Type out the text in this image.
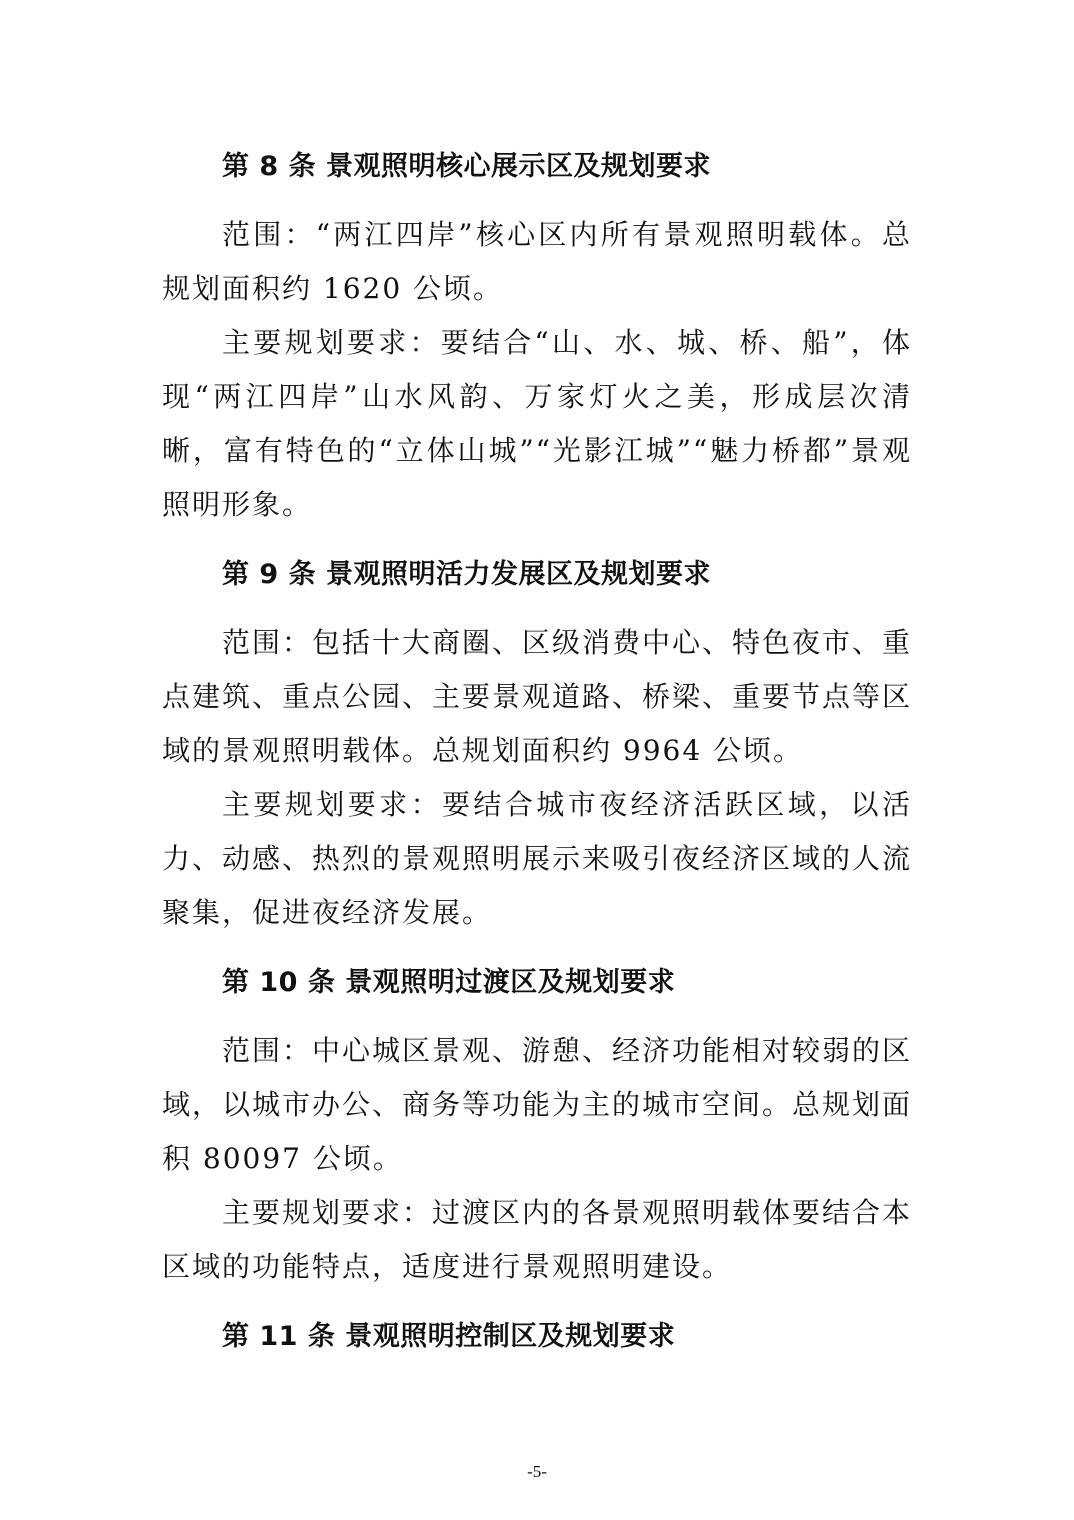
第 8 条 景观照明核心展示区及规划要求

范围：“两江四岸”核心区内所有景观照明载体。总规划面积约 1620 公顷。

主要规划要求：要结合“山、水、城、桥、船”，体现“两江四岸”山水风韵、万家灯火之美，形成层次清晰，富有特色的“立体山城”“光影江城”“魅力桥都”景观照明形象。

第 9 条 景观照明活力发展区及规划要求

范围：包括十大商圈、区级消费中心、特色夜市、重点建筑、重点公园、主要景观道路、桥梁、重要节点等区域的景观照明载体。总规划面积约 9964 公顷。

主要规划要求：要结合城市夜经济活跃区域，以活力、动感、热烈的景观照明展示来吸引夜经济区域的人流聚集，促进夜经济发展。

第 10 条 景观照明过渡区及规划要求

范围：中心城区景观、游憩、经济功能相对较弱的区域，以城市办公、商务等功能为主的城市空间。总规划面积 80097 公顷。

主要规划要求：过渡区内的各景观照明载体要结合本区域的功能特点，适度进行景观照明建设。

第 11 条 景观照明控制区及规划要求
-5-
